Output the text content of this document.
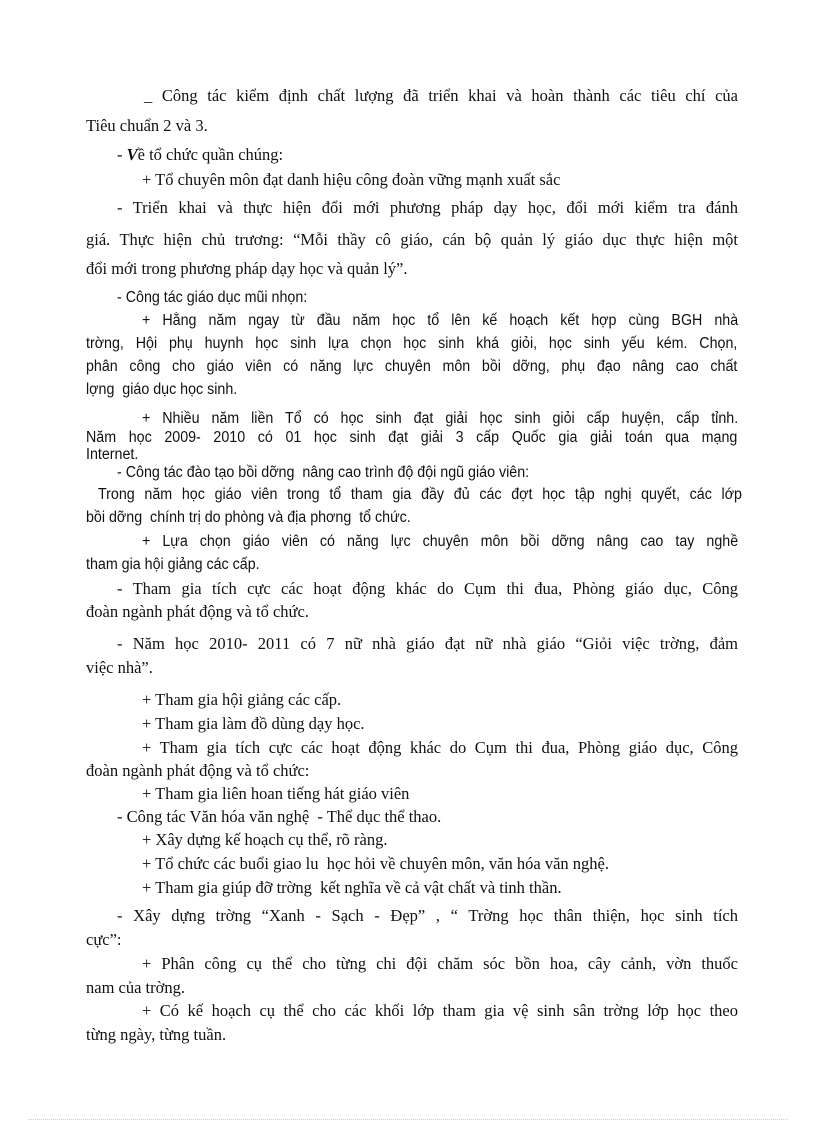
_ Công tác kiểm định chất lượng đã triển khai và hoàn thành các tiêu chí của
Tiêu chuẩn 2 và 3.
- Về tổ chức quần chúng:
+ Tổ chuyên môn đạt danh hiệu công đoàn vững mạnh xuất sắc
- Triển khai và thực hiện đổi mới phương pháp dạy học, đổi mới kiểm tra đánh
giá. Thực hiện chủ trương: “Mỗi thầy cô giáo, cán bộ quản lý giáo dục thực hiện một
đổi mới trong phương pháp dạy học và quản lý”.
- Công tác giáo dục mũi nhọn:
+ Hằng năm ngay từ đầu năm học tổ lên kế hoạch kết hợp cùng BGH nhà
trờng, Hội phụ huynh học sinh lựa chọn học sinh khá giỏi, học sinh yếu kém. Chọn,
phân công cho giáo viên có năng lực chuyên môn bồi dỡng, phụ đạo nâng cao chất
lợng  giáo dục học sinh.
+ Nhiều năm liền Tổ có học sinh đạt giải học sinh giỏi cấp huyện, cấp tỉnh.
Năm học 2009- 2010 có 01 học sinh đạt giải 3 cấp Quốc gia giải toán qua mạng
Internet.
- Công tác đào tạo bồi dỡng  nâng cao trình độ đội ngũ giáo viên:
Trong năm học giáo viên trong tổ tham gia đầy đủ các đợt học tập nghị quyết, các lớp
bồi dỡng  chính trị do phòng và địa phơng  tổ chức.
+ Lựa chọn giáo viên có năng lực chuyên môn bồi dỡng nâng cao tay nghề
tham gia hội giảng các cấp.
- Tham gia tích cực các hoạt động khác do Cụm thi đua, Phòng giáo dục, Công
đoàn ngành phát động và tổ chức.
- Năm học 2010- 2011 có 7 nữ nhà giáo đạt nữ nhà giáo “Giỏi việc trờng, đảm
việc nhà”.
+ Tham gia hội giảng các cấp.
+ Tham gia làm đồ dùng dạy học.
+ Tham gia tích cực các hoạt động khác do Cụm thi đua, Phòng giáo dục, Công
đoàn ngành phát động và tổ chức:
+ Tham gia liên hoan tiếng hát giáo viên
- Công tác Văn hóa văn nghệ  - Thể dục thể thao.
+ Xây dựng kế hoạch cụ thể, rõ ràng.
+ Tổ chức các buổi giao lu  học hỏi về chuyên môn, văn hóa văn nghệ.
+ Tham gia giúp đỡ trờng  kết nghĩa về cả vật chất và tinh thần.
- Xây dựng trờng “Xanh - Sạch - Đẹp” , “ Trờng học thân thiện, học sinh tích
cực”:
+ Phân công cụ thể cho từng chi đội chăm sóc bồn hoa, cây cảnh, vờn thuốc
nam của trờng.
+ Có kế hoạch cụ thể cho các khối lớp tham gia vệ sinh sân trờng lớp học theo
từng ngày, từng tuần.
